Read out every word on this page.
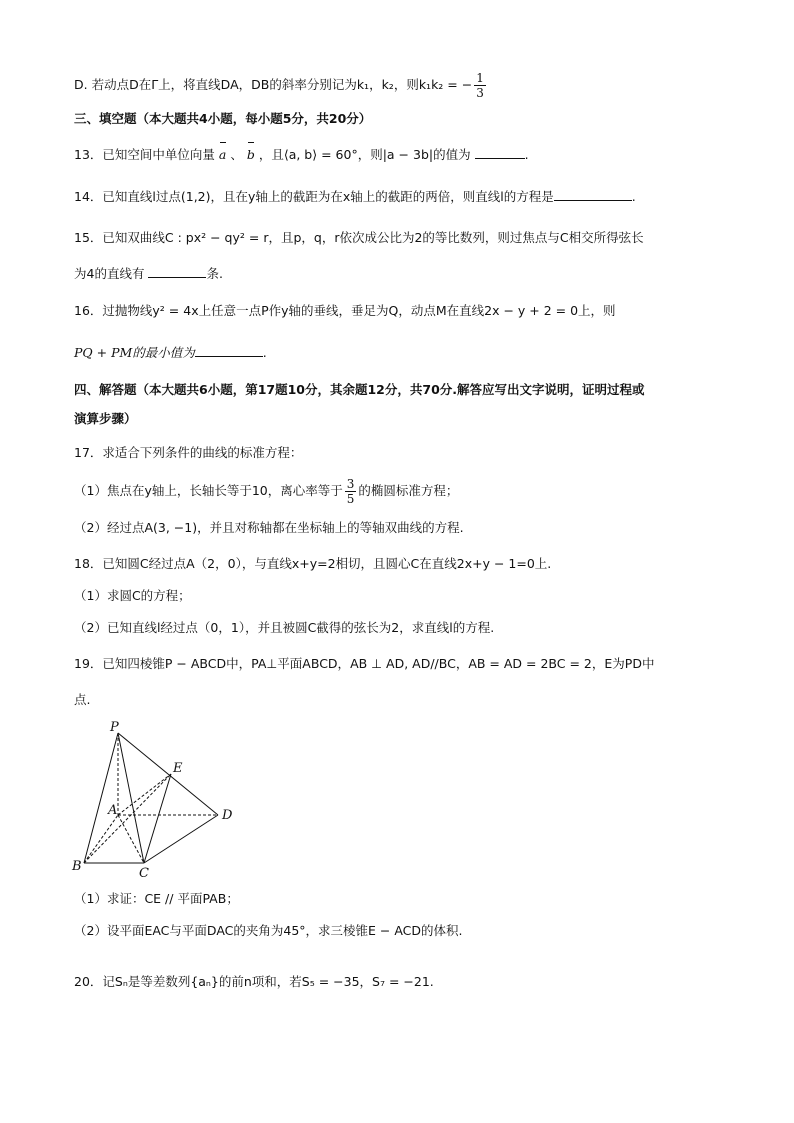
D. 若动点D在Γ上，将直线DA，DB的斜率分别记为k₁，k₂，则k₁k₂ = − $\frac{1}{3}$
三、填空题（本大题共4小题，每小题5分，共20分）
13．已知空间中单位向量 a 、 b ，且⟨a, b⟩ = 60°，则|a − 3b|的值为	.
14．已知直线l过点(1,2)，且在y轴上的截距为在x轴上的截距的两倍，则直线l的方程是	.
15．已知双曲线C : px² − qy² = r，且p，q，r依次成公比为2的等比数列，则过焦点与C相交所得弦长
为4的直线有	条.
16．过抛物线y² = 4x上任意一点P作y轴的垂线，垂足为Q，动点M在直线2x − y + 2 = 0上，则
PQ + PM的最小值为	.
四、解答题（本大题共6小题，第17题10分，其余题12分，共70分.解答应写出文字说明，证明过程或
演算步骤）
17．求适合下列条件的曲线的标准方程：
（1）焦点在y轴上，长轴长等于10，离心率等于 $\frac{3}{5}$ 的椭圆标准方程；
（2）经过点A(3, −1)，并且对称轴都在坐标轴上的等轴双曲线的方程.
18．已知圆C经过点A（2，0），与直线x+y=2相切，且圆心C在直线2x+y − 1=0上.
（1）求圆C的方程；
（2）已知直线l经过点（0，1），并且被圆C截得的弦长为2，求直线l的方程.
19．已知四棱锥P − ABCD中，PA⊥平面ABCD，AB ⊥ AD, AD//BC，AB = AD = 2BC = 2，E为PD中
点.
P
E
A	D
B	C
（1）求证：CE // 平面PAB；
（2）设平面EAC与平面DAC的夹角为45°，求三棱锥E − ACD的体积.
20．记Sₙ是等差数列{aₙ}的前n项和，若S₅ = −35，S₇ = −21.
